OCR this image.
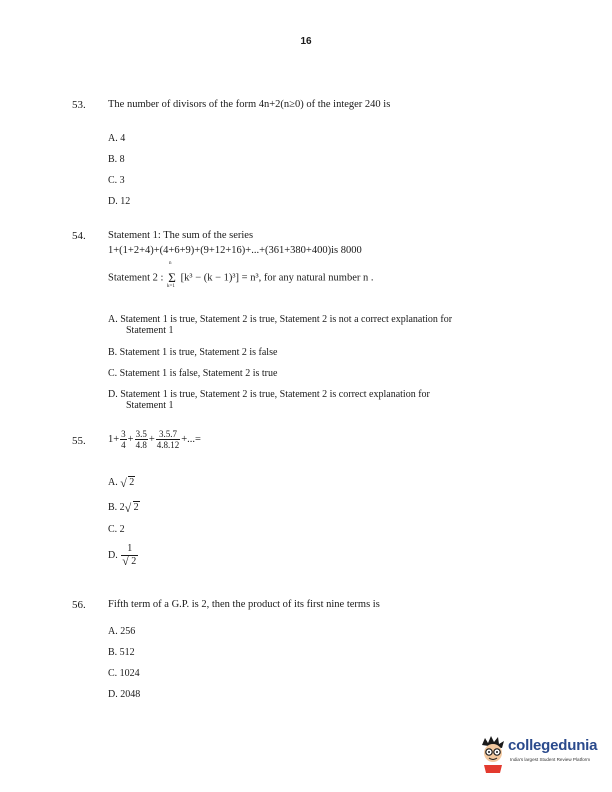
16
53. The number of divisors of the form 4n+2(n≥0) of the integer 240 is
A. 4
B. 8
C. 3
D. 12
54. Statement 1: The sum of the series
1+(1+2+4)+(4+6+9)+(9+12+16)+...+(361+380+400)is 8000
Statement 2 :
n
Σ
k=1
[k³ − (k − 1)³] = n³, for any natural number n .
A. Statement 1 is true, Statement 2 is true, Statement 2 is not a correct explanation for
Statement 1
B. Statement 1 is true, Statement 2 is false
C. Statement 1 is false, Statement 2 is true
D. Statement 1 is true, Statement 2 is true, Statement 2 is correct explanation for
Statement 1
55. $1+ \frac{3}{4} + \frac{3.5}{4.8} + \frac{3.5.7}{4.8.12}$ +...=
A. √ 2
B. 2 √ 2
C. 2
D. $\frac{1}{√ 2}$
56. Fifth term of a G.P. is 2, then the product of its first nine terms is
A. 256
B. 512
C. 1024
D. 2048
collegedunia
India's largest Student Review Platform
